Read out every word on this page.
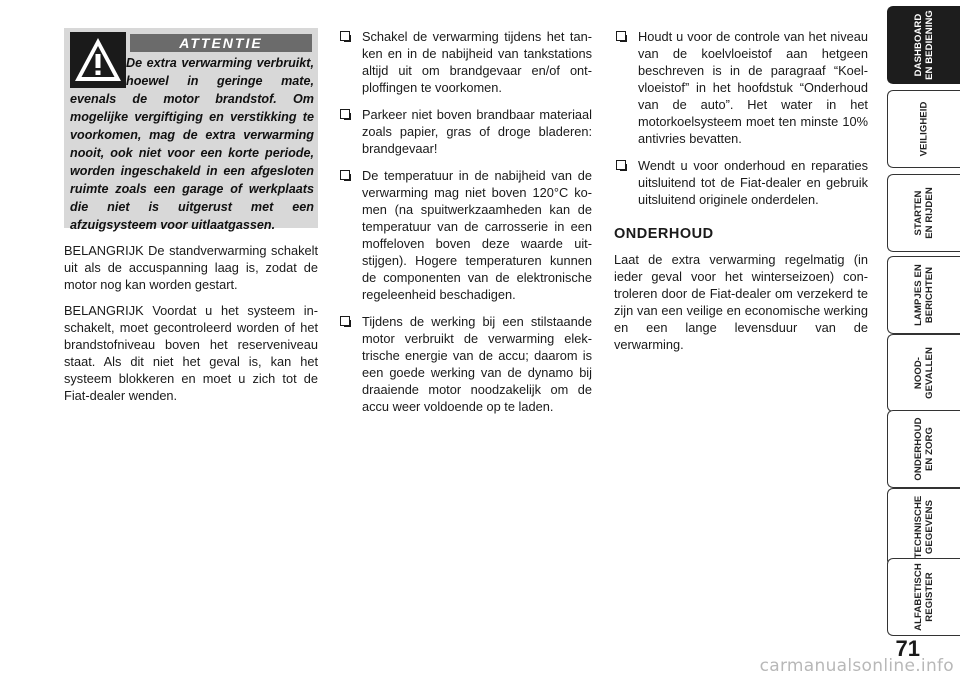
ATTENTIE

De extra verwarming verbruikt, hoewel in geringe mate, evenals de motor brandstof. Om mogelijke vergiftiging en verstikking te voorkomen, mag de extra verwarming nooit, ook niet voor een korte periode, worden ingeschakeld in een afgesloten ruimte zoals een garage of werkplaats die niet is uitgerust met een afzuigsysteem voor uitlaatgassen.

BELANGRIJK De standverwarming schakelt uit als de accuspanning laag is, zodat de motor nog kan worden gestart.

BELANGRIJK Voordat u het systeem inschakelt, moet gecontroleerd worden of het brandstofniveau boven het reserveniveau staat. Als dit niet het geval is, kan het systeem blokkeren en moet u zich tot de Fiat-dealer wenden.

Schakel de verwarming tijdens het tanken en in de nabijheid van tankstations altijd uit om brandgevaar en/of ontploffingen te voorkomen.
Parkeer niet boven brandbaar materiaal zoals papier, gras of droge bladeren: brandgevaar!
De temperatuur in de nabijheid van de verwarming mag niet boven 120°C komen (na spuitwerkzaamheden kan de temperatuur van de carrosserie in een moffeloven boven deze waarde uitstijgen). Hogere temperaturen kunnen de componenten van de elektronische regeleenheid beschadigen.
Tijdens de werking bij een stilstaande motor verbruikt de verwarming elektrische energie van de accu; daarom is een goede werking van de dynamo bij draaiende motor noodzakelijk om de accu weer voldoende op te laden.
Houdt u voor de controle van het niveau van de koelvloeistof aan hetgeen beschreven is in de paragraaf “Koelvloeistof” in het hoofdstuk “Onderhoud van de auto”. Het water in het motorkoelsysteem moet ten minste 10% antivries bevatten.
Wendt u voor onderhoud en reparaties uitsluitend tot de Fiat-dealer en gebruik uitsluitend originele onderdelen.
ONDERHOUD

Laat de extra verwarming regelmatig (in ieder geval voor het winterseizoen) controleren door de Fiat-dealer om verzekerd te zijn van een veilige en economische werking en een lange levensduur van de verwarming.

DASHBOARD
EN BEDIENING
VEILIGHEID
STARTEN
EN RIJDEN
LAMPJES EN
BERICHTEN
NOOD-
GEVALLEN
ONDERHOUD
EN ZORG
TECHNISCHE
GEGEVENS
ALFABETISCH
REGISTER
71
carmanualsonline.info
